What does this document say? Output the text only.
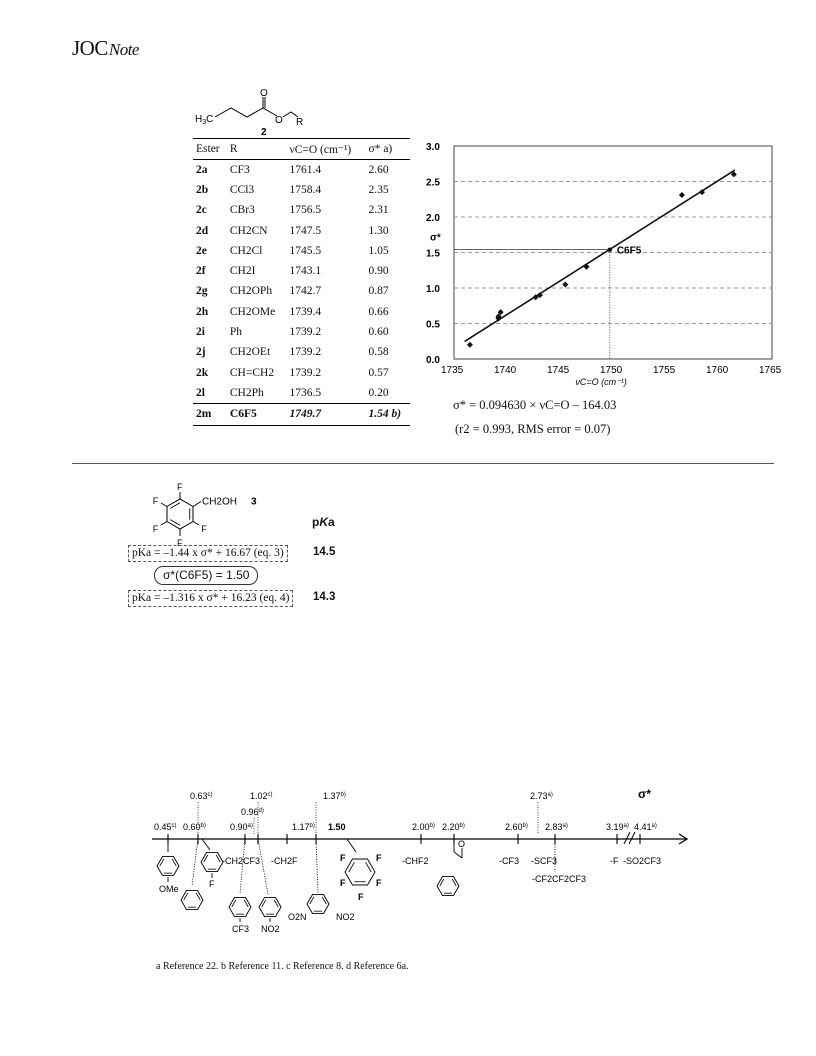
JOCNote
$H_3C$
O
O R
2
Ester	R	νC=O (cm⁻¹)	σ* a)
2a	CF3	1761.4	2.60
2b	CCl3	1758.4	2.35
2c	CBr3	1756.5	2.31
2d	CH2CN	1747.5	1.30
2e	CH2Cl	1745.5	1.05
2f	CH2I	1743.1	0.90
2g	CH2OPh	1742.7	0.87
2h	CH2OMe	1739.4	0.66
2i	Ph	1739.2	0.60
2j	CH2OEt	1739.2	0.58
2k	CH=CH2	1739.2	0.57
2l	CH2Ph	1736.5	0.20
2m	C6F5	1749.7	1.54 b)
0.0
0.5
1.0
1.5
2.0
2.5
3.0
1735	1740	1745	1750	1755	1760	1765
σ*
νC=O (cm⁻¹)
C6F5
σ* = 0.094630 × νC=O – 164.03
(r2 = 0.993, RMS error = 0.07)
F
F
F
F
F
CH2OH 3
pKa
pKa = –1.44 x σ* + 16.67 (eq. 3)	14.5
σ*(C6F5) = 1.50
pKa = –1.316 x σ* + 16.23 (eq. 4)	14.3
σ*
0.45$^{c)}$ 0.60$^{b)}$	0.90$^{a)}$	1.17$^{b)}$ 1.50	2.00$^{b)}$ 2.20$^{b)}$	2.60$^{b)}$ 2.83$^{a)}$	3.19$^{a)}$ 4.41$^{a)}$
0.63$^{c)}$	1.02$^{c)}$
0.96$^{d)}$
1.37$^{b)}$	2.73$^{a)}$
-CH2CF3 -CH2F	-CHF2	-CF3 -SCF3
-CF2CF2CF3
-F -SO2CF3
OMe	F
CF3 NO2
O2N	NO2
F
F
F
F
F
O
a Reference 22. b Reference 11. c Reference 8. d Reference 6a.
